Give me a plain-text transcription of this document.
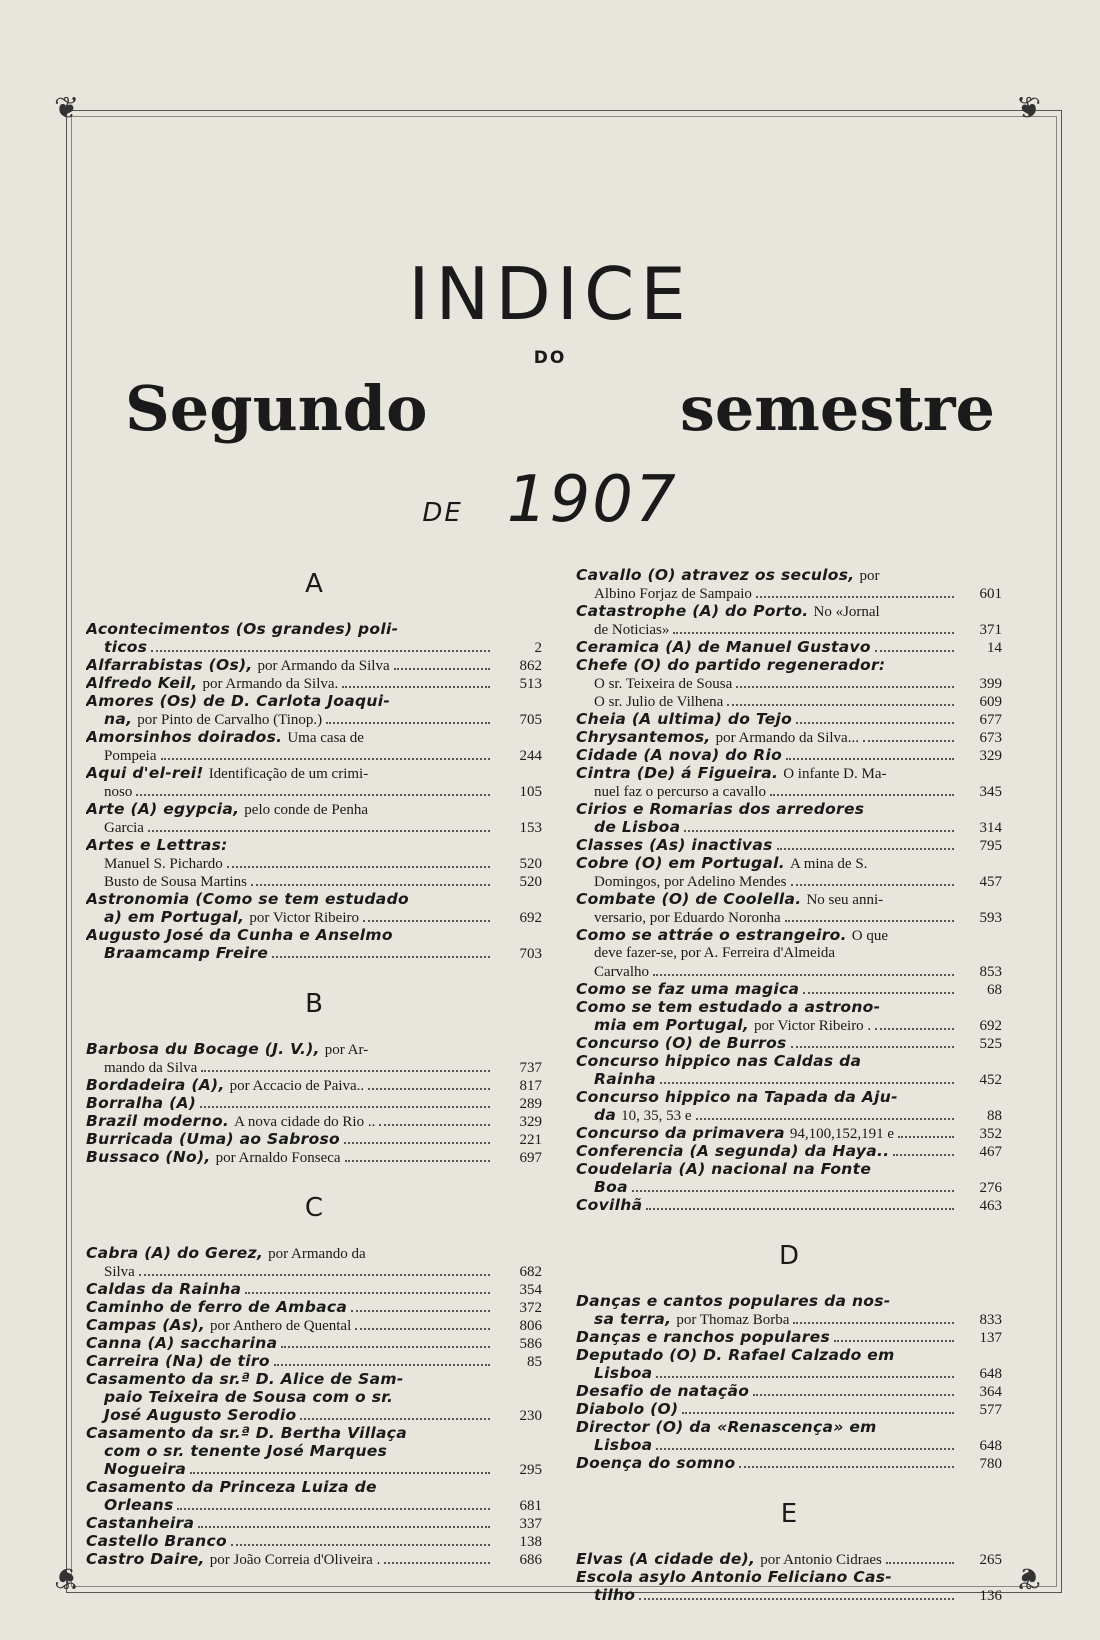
❦	❦
❦	❦
INDICE
DO
Segundo	semestre
DE 1907
A
Acontecimentos (Os grandes) poli-
ticos	2
Alfarrabistas (Os), por Armando da Silva	862
Alfredo Keil, por Armando da Silva.	513
Amores (Os) de D. Carlota Joaqui-
na, por Pinto de Carvalho (Tinop.)	705
Amorsinhos doirados. Uma casa de
Pompeia	244
Aqui d'el-rei! Identificação de um crimi-
noso	105
Arte (A) egypcia, pelo conde de Penha
Garcia	153
Artes e Lettras:
Manuel S. Pichardo	520
Busto de Sousa Martins	520
Astronomia (Como se tem estudado
a) em Portugal, por Victor Ribeiro	692
Augusto José da Cunha e Anselmo
Braamcamp Freire	703
B
Barbosa du Bocage (J. V.), por Ar-
mando da Silva	737
Bordadeira (A), por Accacio de Paiva..	817
Borralha (A)	289
Brazil moderno. A nova cidade do Rio ..	329
Burricada (Uma) ao Sabroso	221
Bussaco (No), por Arnaldo Fonseca	697
C
Cabra (A) do Gerez, por Armando da
Silva	682
Caldas da Rainha	354
Caminho de ferro de Ambaca	372
Campas (As), por Anthero de Quental	806
Canna (A) saccharina	586
Carreira (Na) de tiro	85
Casamento da sr.ª D. Alice de Sam-
paio Teixeira de Sousa com o sr.
José Augusto Serodio	230
Casamento da sr.ª D. Bertha Villaça
com o sr. tenente José Marques
Nogueira	295
Casamento da Princeza Luiza de
Orleans	681
Castanheira	337
Castello Branco	138
Castro Daire, por João Correia d'Oliveira .	686
Cavallo (O) atravez os seculos, por
Albino Forjaz de Sampaio	601
Catastrophe (A) do Porto. No «Jornal
de Noticias»	371
Ceramica (A) de Manuel Gustavo	14
Chefe (O) do partido regenerador:
O sr. Teixeira de Sousa	399
O sr. Julio de Vilhena	609
Cheia (A ultima) do Tejo	677
Chrysantemos, por Armando da Silva...	673
Cidade (A nova) do Rio	329
Cintra (De) á Figueira. O infante D. Ma-
nuel faz o percurso a cavallo	345
Cirios e Romarias dos arredores
de Lisboa	314
Classes (As) inactivas	795
Cobre (O) em Portugal. A mina de S.
Domingos, por Adelino Mendes	457
Combate (O) de Coolella. No seu anni-
versario, por Eduardo Noronha	593
Como se attráe o estrangeiro. O que
deve fazer-se, por A. Ferreira d'Almeida
Carvalho	853
Como se faz uma magica	68
Como se tem estudado a astrono-
mia em Portugal, por Victor Ribeiro .	692
Concurso (O) de Burros	525
Concurso hippico nas Caldas da
Rainha	452
Concurso hippico na Tapada da Aju-
da 10, 35, 53 e	88
Concurso da primavera 94,100,152,191 e	352
Conferencia (A segunda) da Haya..	467
Coudelaria (A) nacional na Fonte
Boa	276
Covilhã	463
D
Danças e cantos populares da nos-
sa terra, por Thomaz Borba	833
Danças e ranchos populares	137
Deputado (O) D. Rafael Calzado em
Lisboa	648
Desafio de natação	364
Diabolo (O)	577
Director (O) da «Renascença» em
Lisboa	648
Doença do somno	780
E
Elvas (A cidade de), por Antonio Cidraes	265
Escola asylo Antonio Feliciano Cas-
tilho	136
